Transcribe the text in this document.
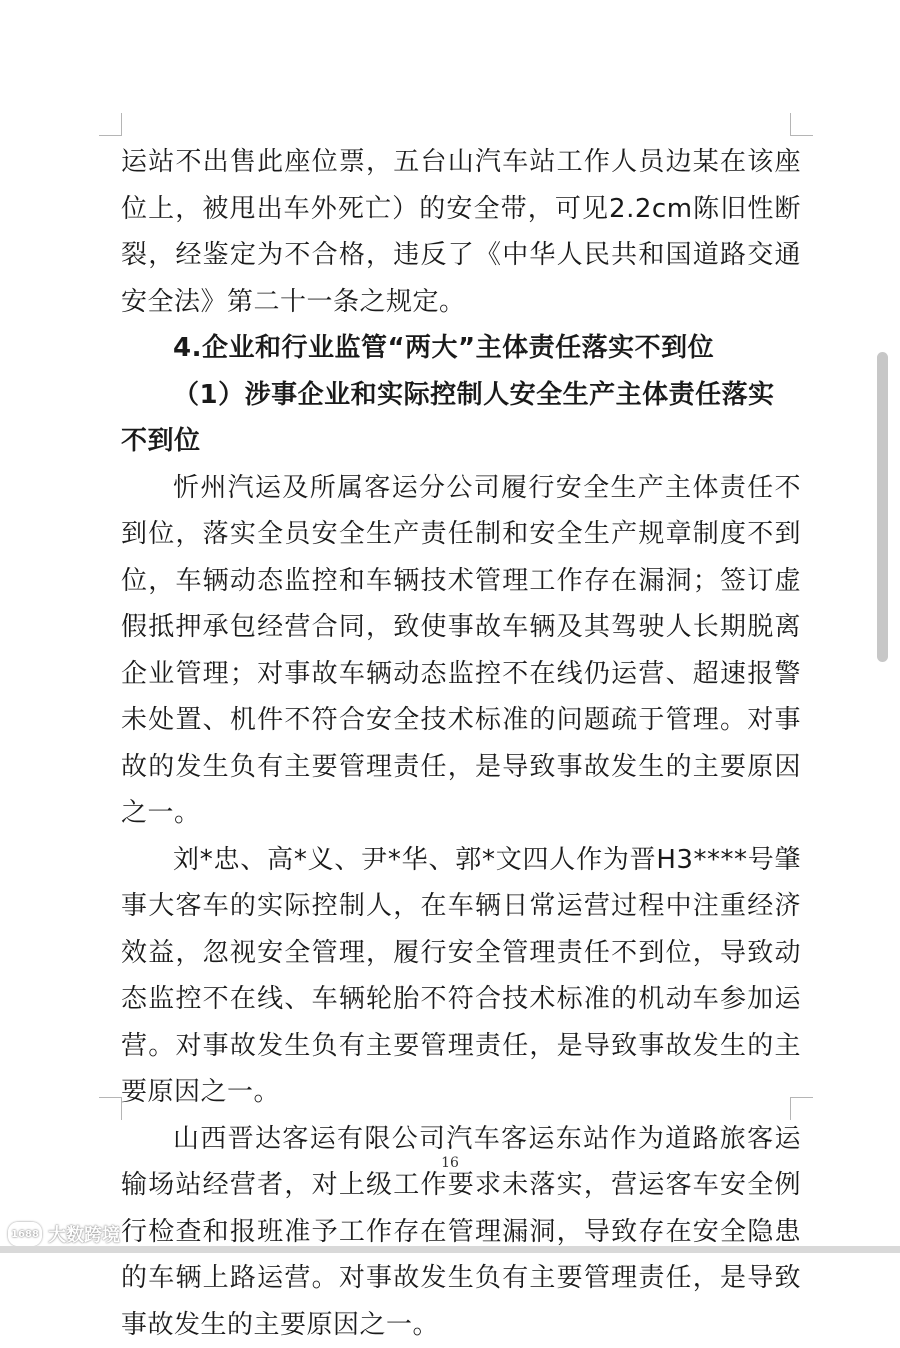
运站不出售此座位票，五台山汽车站工作人员边某在该座位上，被甩出车外死亡）的安全带，可见2.2cm陈旧性断裂，经鉴定为不合格，违反了《中华人民共和国道路交通安全法》第二十一条之规定。

4.企业和行业监管“两大”主体责任落实不到位

（1）涉事企业和实际控制人安全生产主体责任落实不到位

忻州汽运及所属客运分公司履行安全生产主体责任不到位，落实全员安全生产责任制和安全生产规章制度不到位，车辆动态监控和车辆技术管理工作存在漏洞；签订虚假抵押承包经营合同，致使事故车辆及其驾驶人长期脱离企业管理；对事故车辆动态监控不在线仍运营、超速报警未处置、机件不符合安全技术标准的问题疏于管理。对事故的发生负有主要管理责任，是导致事故发生的主要原因之一。

刘*忠、高*义、尹*华、郭*文四人作为晋H3****号肇事大客车的实际控制人，在车辆日常运营过程中注重经济效益，忽视安全管理，履行安全管理责任不到位，导致动态监控不在线、车辆轮胎不符合技术标准的机动车参加运营。对事故发生负有主要管理责任，是导致事故发生的主要原因之一。

山西晋达客运有限公司汽车客运东站作为道路旅客运输场站经营者，对上级工作要求未落实，营运客车安全例行检查和报班准予工作存在管理漏洞，导致存在安全隐患的车辆上路运营。对事故发生负有主要管理责任，是导致事故发生的主要原因之一。

16
1688 大数跨境
